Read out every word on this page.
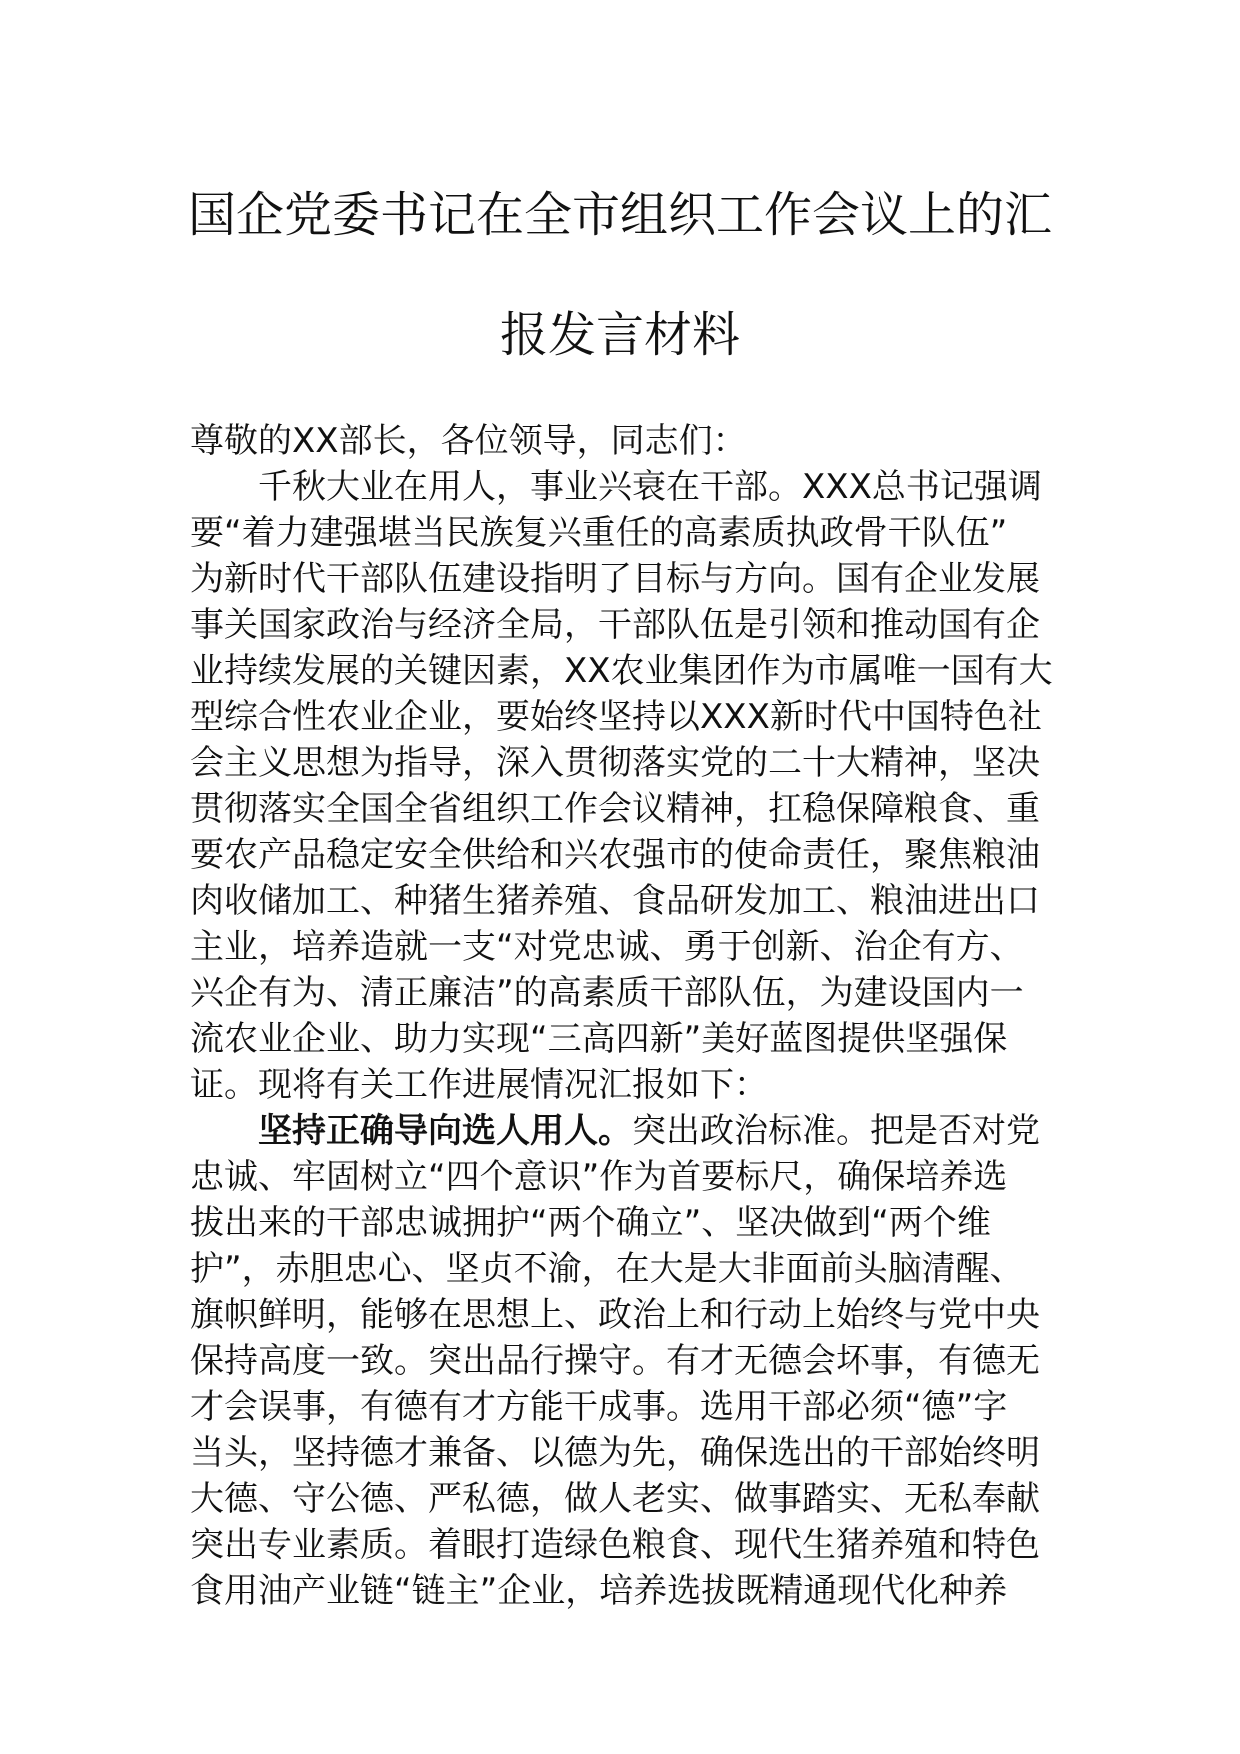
国企党委书记在全市组织工作会议上的汇
报发言材料
尊敬的XX部长，各位领导，同志们：
千秋大业在用人，事业兴衰在干部。XXX总书记强调
要“着力建强堪当民族复兴重任的高素质执政骨干队伍”
为新时代干部队伍建设指明了目标与方向。国有企业发展
事关国家政治与经济全局，干部队伍是引领和推动国有企
业持续发展的关键因素，XX农业集团作为市属唯一国有大
型综合性农业企业，要始终坚持以XXX新时代中国特色社
会主义思想为指导，深入贯彻落实党的二十大精神，坚决
贯彻落实全国全省组织工作会议精神，扛稳保障粮食、重
要农产品稳定安全供给和兴农强市的使命责任，聚焦粮油
肉收储加工、种猪生猪养殖、食品研发加工、粮油进出口
主业，培养造就一支“对党忠诚、勇于创新、治企有方、
兴企有为、清正廉洁”的高素质干部队伍，为建设国内一
流农业企业、助力实现“三高四新”美好蓝图提供坚强保
证。现将有关工作进展情况汇报如下：
坚持正确导向选人用人。突出政治标准。把是否对党
忠诚、牢固树立“四个意识”作为首要标尺，确保培养选
拔出来的干部忠诚拥护“两个确立”、坚决做到“两个维
护”，赤胆忠心、坚贞不渝，在大是大非面前头脑清醒、
旗帜鲜明，能够在思想上、政治上和行动上始终与党中央
保持高度一致。突出品行操守。有才无德会坏事，有德无
才会误事，有德有才方能干成事。选用干部必须“德”字
当头，坚持德才兼备、以德为先，确保选出的干部始终明
大德、守公德、严私德，做人老实、做事踏实、无私奉献
突出专业素质。着眼打造绿色粮食、现代生猪养殖和特色
食用油产业链“链主”企业，培养选拔既精通现代化种养
